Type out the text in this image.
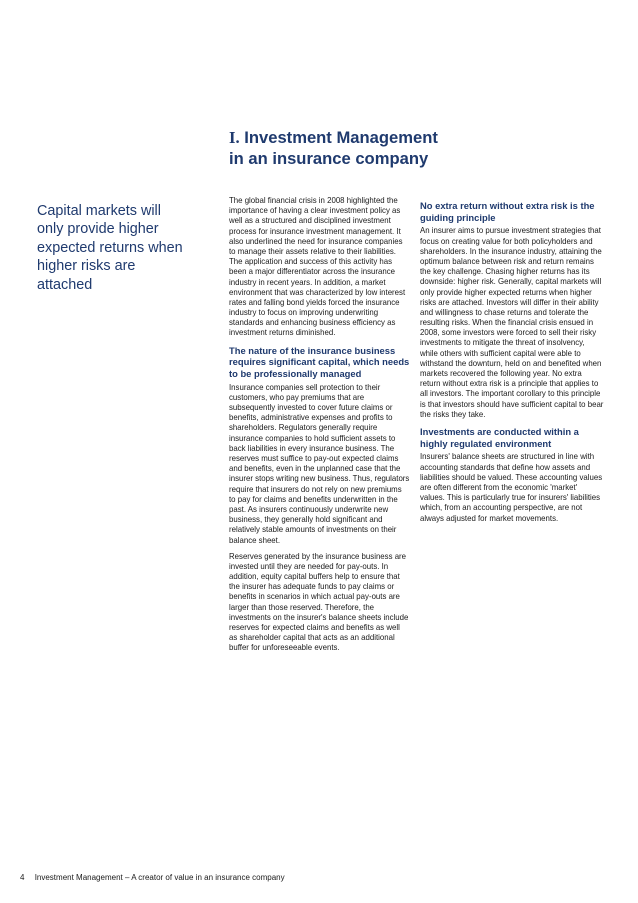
I. Investment Management
in an insurance company

Capital markets will only provide higher expected returns when higher risks are attached

The global financial crisis in 2008 highlighted the importance of having a clear investment policy as well as a structured and disciplined investment process for insurance investment management. It also underlined the need for insurance companies to manage their assets relative to their liabilities. The application and success of this activity has been a major differentiator across the insurance industry in recent years. In addition, a market environment that was characterized by low interest rates and falling bond yields forced the insurance industry to focus on improving underwriting standards and enhancing business efficiency as investment returns diminished.

The nature of the insurance business requires significant capital, which needs to be professionally managed

Insurance companies sell protection to their customers, who pay premiums that are subsequently invested to cover future claims or benefits, administrative expenses and profits to shareholders. Regulators generally require insurance companies to hold sufficient assets to back liabilities in every insurance business. The reserves must suffice to pay-out expected claims and benefits, even in the unplanned case that the insurer stops writing new business. Thus, regulators require that insurers do not rely on new premiums to pay for claims and benefits underwritten in the past. As insurers continuously underwrite new business, they generally hold significant and relatively stable amounts of investments on their balance sheet.

Reserves generated by the insurance business are invested until they are needed for pay-outs. In addition, equity capital buffers help to ensure that the insurer has adequate funds to pay claims or benefits in scenarios in which actual pay-outs are larger than those reserved. Therefore, the investments on the insurer's balance sheets include reserves for expected claims and benefits as well as shareholder capital that acts as an additional buffer for unforeseeable events.

No extra return without extra risk is the guiding principle

An insurer aims to pursue investment strategies that focus on creating value for both policyholders and shareholders. In the insurance industry, attaining the optimum balance between risk and return remains the key challenge. Chasing higher returns has its downside: higher risk. Generally, capital markets will only provide higher expected returns when higher risks are attached. Investors will differ in their ability and willingness to chase returns and tolerate the resulting risks. When the financial crisis ensued in 2008, some investors were forced to sell their risky investments to mitigate the threat of insolvency, while others with sufficient capital were able to withstand the downturn, held on and benefited when markets recovered the following year. No extra return without extra risk is a principle that applies to all investors. The important corollary to this principle is that investors should have sufficient capital to bear the risks they take.

Investments are conducted within a highly regulated environment

Insurers' balance sheets are structured in line with accounting standards that define how assets and liabilities should be valued. These accounting values are often different from the economic 'market' values. This is particularly true for insurers' liabilities which, from an accounting perspective, are not always adjusted for market movements.

4 Investment Management – A creator of value in an insurance company
